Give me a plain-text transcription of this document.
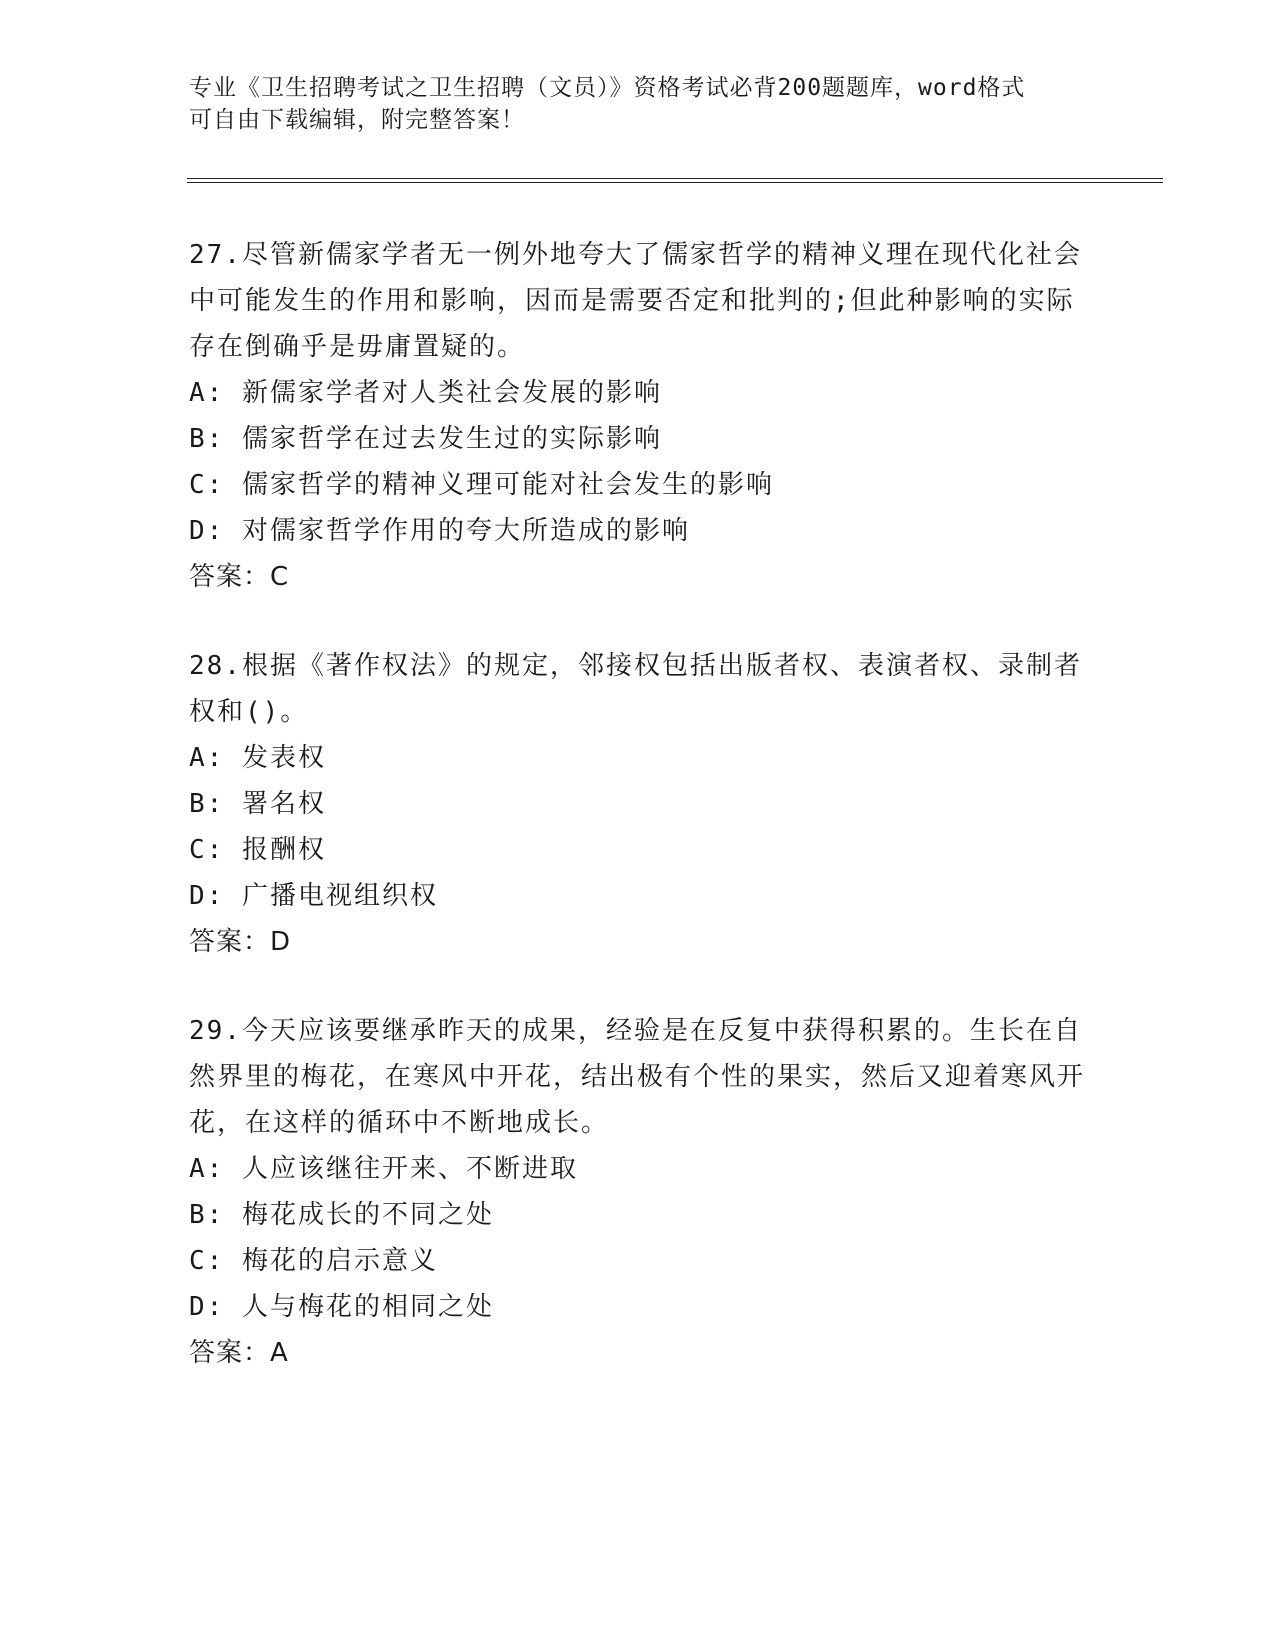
专业《卫生招聘考试之卫生招聘（文员）》资格考试必背200题题库，word格式
可自由下载编辑，附完整答案！

27.尽管新儒家学者无一例外地夸大了儒家哲学的精神义理在现代化社会中可能发生的作用和影响，因而是需要否定和批判的;但此种影响的实际存在倒确乎是毋庸置疑的。

A: 新儒家学者对人类社会发展的影响

B: 儒家哲学在过去发生过的实际影响

C: 儒家哲学的精神义理可能对社会发生的影响

D: 对儒家哲学作用的夸大所造成的影响

答案：C

28.根据《著作权法》的规定，邻接权包括出版者权、表演者权、录制者权和()。

A: 发表权

B: 署名权

C: 报酬权

D: 广播电视组织权

答案：D

29.今天应该要继承昨天的成果，经验是在反复中获得积累的。生长在自然界里的梅花，在寒风中开花，结出极有个性的果实，然后又迎着寒风开花，在这样的循环中不断地成长。

A: 人应该继往开来、不断进取

B: 梅花成长的不同之处

C: 梅花的启示意义

D: 人与梅花的相同之处

答案：A
